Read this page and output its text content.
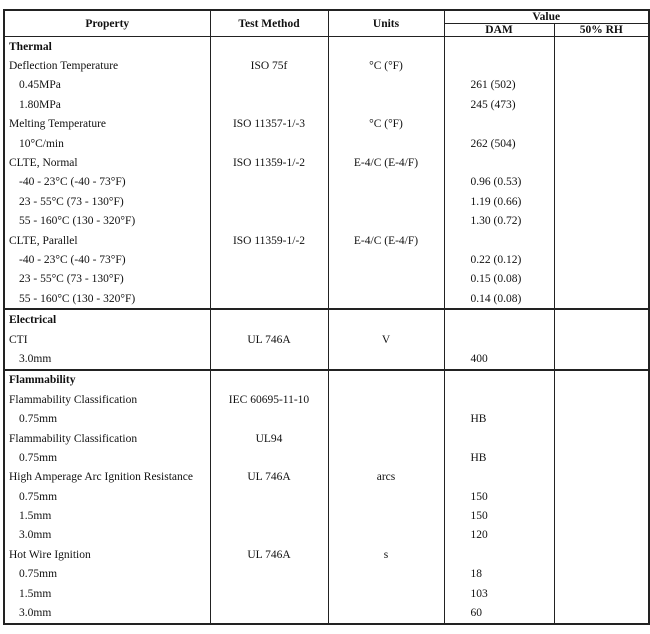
Property	Test Method	Units	Value	
			DAM	50% RH
Thermal				
Deflection Temperature	ISO 75f	°C (°F)		
0.45MPa			261 (502)	
1.80MPa			245 (473)	
Melting Temperature	ISO 11357-1/-3	°C (°F)		
10°C/min			262 (504)	
CLTE, Normal	ISO 11359-1/-2	E-4/C (E-4/F)		
-40 - 23°C (-40 - 73°F)			0.96 (0.53)	
23 - 55°C (73 - 130°F)			1.19 (0.66)	
55 - 160°C (130 - 320°F)			1.30 (0.72)	
CLTE, Parallel	ISO 11359-1/-2	E-4/C (E-4/F)		
-40 - 23°C (-40 - 73°F)			0.22 (0.12)	
23 - 55°C (73 - 130°F)			0.15 (0.08)	
55 - 160°C (130 - 320°F)			0.14 (0.08)	
Electrical				
CTI	UL 746A	V		
3.0mm			400	
Flammability				
Flammability Classification	IEC 60695-11-10			
0.75mm			HB	
Flammability Classification	UL94			
0.75mm			HB	
High Amperage Arc Ignition Resistance	UL 746A	arcs		
0.75mm			150	
1.5mm			150	
3.0mm			120	
Hot Wire Ignition	UL 746A	s		
0.75mm			18	
1.5mm			103	
3.0mm			60	
